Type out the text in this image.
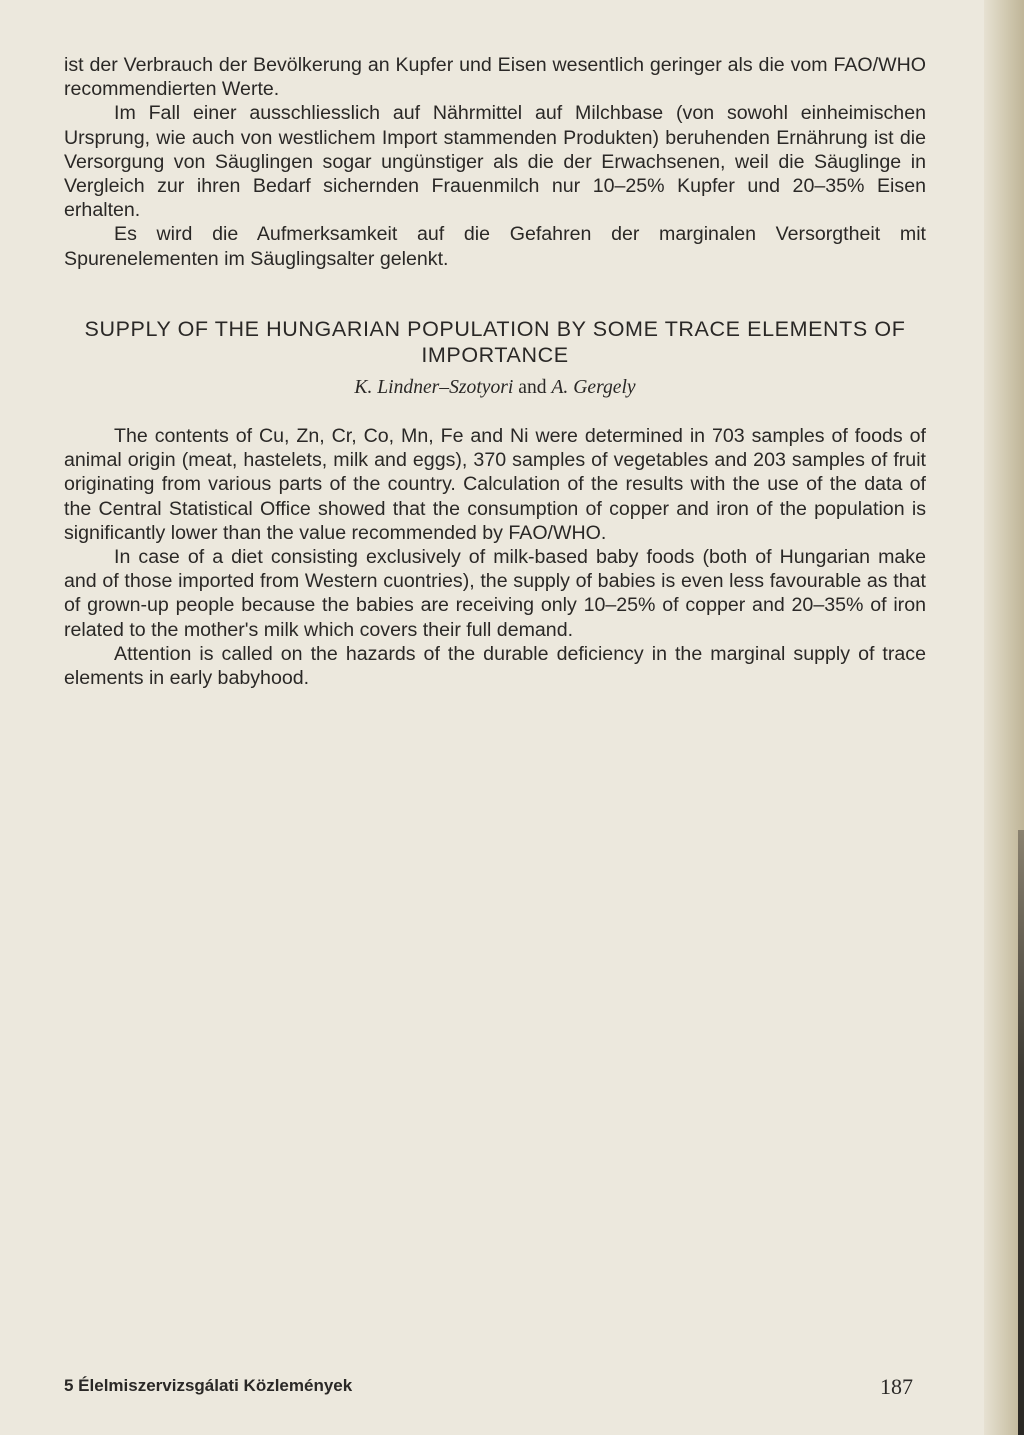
ist der Verbrauch der Bevölkerung an Kupfer und Eisen wesentlich geringer als die vom FAO/WHO recommendierten Werte.

Im Fall einer ausschliesslich auf Nährmittel auf Milchbase (von sowohl einheimischen Ursprung, wie auch von westlichem Import stammenden Produkten) beruhenden Ernährung ist die Versorgung von Säuglingen sogar ungünstiger als die der Erwachsenen, weil die Säuglinge in Vergleich zur ihren Bedarf sichernden Frauenmilch nur 10–25% Kupfer und 20–35% Eisen erhalten.

Es wird die Aufmerksamkeit auf die Gefahren der marginalen Versorgtheit mit Spurenelementen im Säuglingsalter gelenkt.

SUPPLY OF THE HUNGARIAN POPULATION BY SOME TRACE ELEMENTS OF IMPORTANCE
K. Lindner–Szotyori and A. Gergely

The contents of Cu, Zn, Cr, Co, Mn, Fe and Ni were determined in 703 samples of foods of animal origin (meat, hastelets, milk and eggs), 370 samples of vegetables and 203 samples of fruit originating from various parts of the country. Calculation of the results with the use of the data of the Central Statistical Office showed that the consumption of copper and iron of the population is significantly lower than the value recommended by FAO/WHO.

In case of a diet consisting exclusively of milk-based baby foods (both of Hungarian make and of those imported from Western cuontries), the supply of babies is even less favourable as that of grown-up people because the babies are receiving only 10–25% of copper and 20–35% of iron related to the mother's milk which covers their full demand.

Attention is called on the hazards of the durable deficiency in the marginal supply of trace elements in early babyhood.

5 Élelmiszervizsgálati Közlemények	187
